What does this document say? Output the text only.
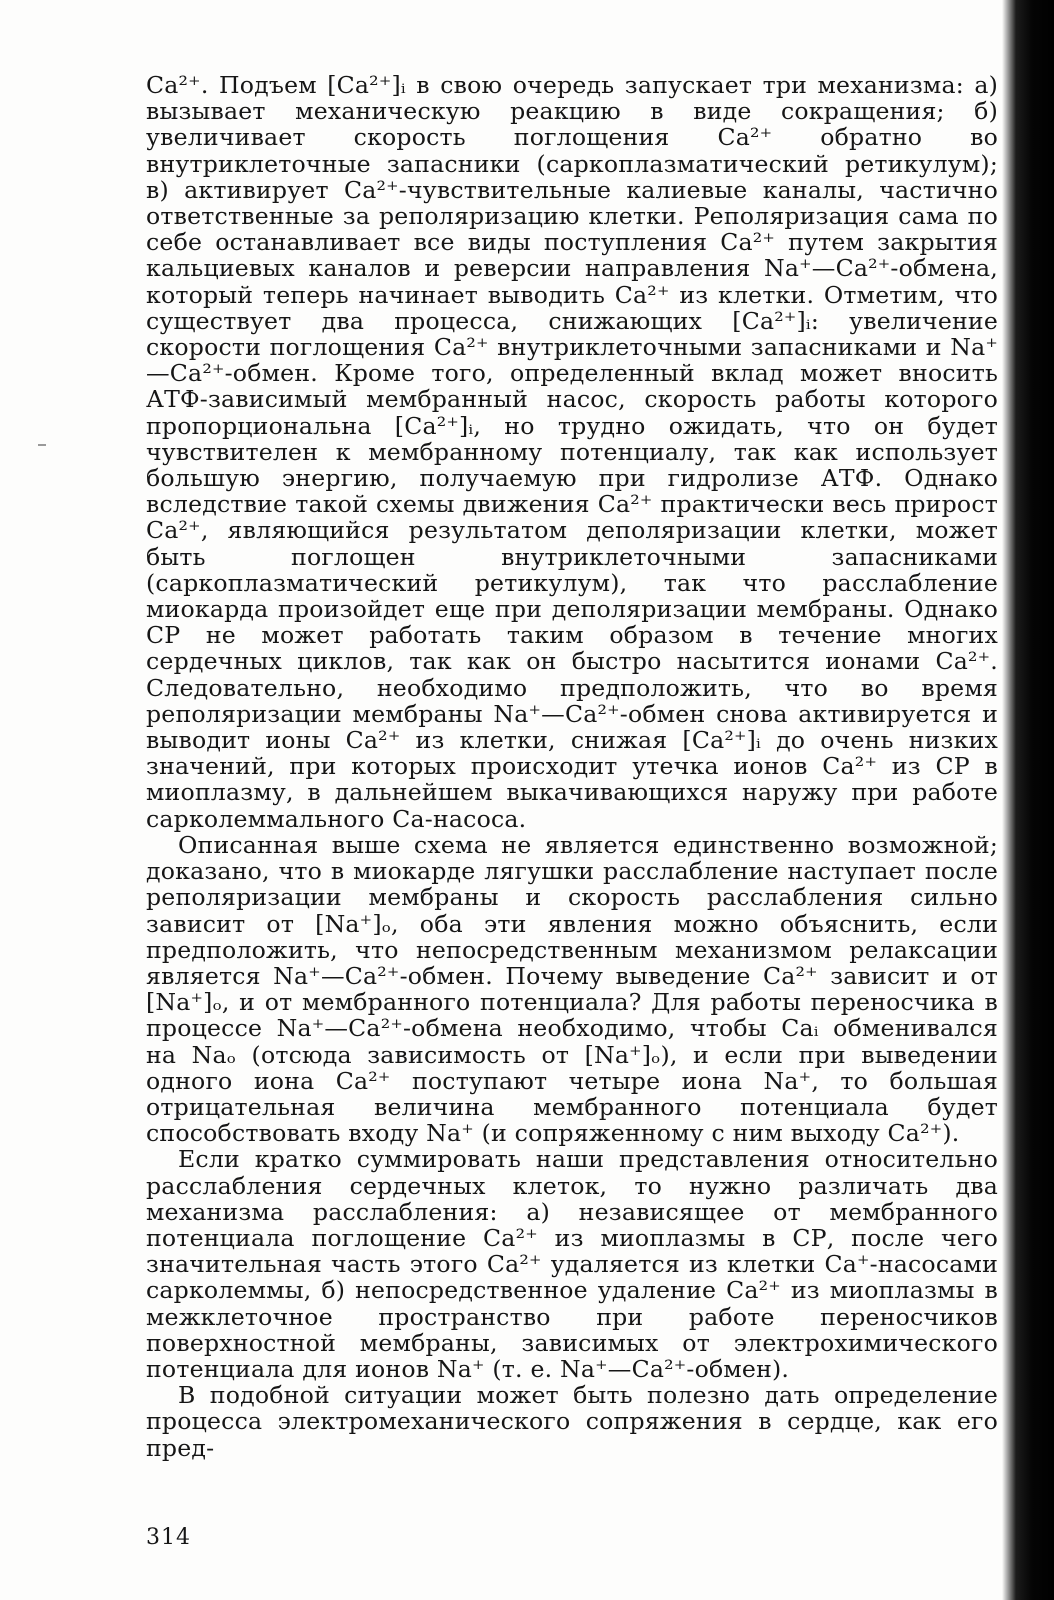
Ca²⁺. Подъем [Ca²⁺]ᵢ в свою очередь запускает три механизма: а) вызывает механическую реакцию в виде сокращения; б) увеличивает скорость поглощения Ca²⁺ обратно во внутриклеточные запасники (саркоплазматический ретикулум); в) активирует Ca²⁺-чувствительные калиевые каналы, частично ответственные за реполяризацию клетки. Реполяризация сама по себе останавливает все виды поступления Ca²⁺ путем закрытия кальциевых каналов и реверсии направления Na⁺—Ca²⁺-обмена, который теперь начинает выводить Ca²⁺ из клетки. Отметим, что существует два процесса, снижающих [Ca²⁺]ᵢ: увеличение скорости поглощения Ca²⁺ внутриклеточными запасниками и Na⁺—Ca²⁺-обмен. Кроме того, определенный вклад может вносить АТФ-зависимый мембранный насос, скорость работы которого пропорциональна [Ca²⁺]ᵢ, но трудно ожидать, что он будет чувствителен к мембранному потенциалу, так как использует большую энергию, получаемую при гидролизе АТФ. Однако вследствие такой схемы движения Ca²⁺ практически весь прирост Ca²⁺, являющийся результатом деполяризации клетки, может быть поглощен внутриклеточными запасниками (саркоплазматический ретикулум), так что расслабление миокарда произойдет еще при деполяризации мембраны. Однако СР не может работать таким образом в течение многих сердечных циклов, так как он быстро насытится ионами Ca²⁺. Следовательно, необходимо предположить, что во время реполяризации мембраны Na⁺—Ca²⁺-обмен снова активируется и выводит ионы Ca²⁺ из клетки, снижая [Ca²⁺]ᵢ до очень низких значений, при которых происходит утечка ионов Ca²⁺ из СР в миоплазму, в дальнейшем выкачивающихся наружу при работе сарколеммального Ca-насоса.

Описанная выше схема не является единственно возможной; доказано, что в миокарде лягушки расслабление наступает после реполяризации мембраны и скорость расслабления сильно зависит от [Na⁺]ₒ, оба эти явления можно объяснить, если предположить, что непосредственным механизмом релаксации является Na⁺—Ca²⁺-обмен. Почему выведение Ca²⁺ зависит и от [Na⁺]ₒ, и от мембранного потенциала? Для работы переносчика в процессе Na⁺—Ca²⁺-обмена необходимо, чтобы Caᵢ обменивался на Naₒ (отсюда зависимость от [Na⁺]ₒ), и если при выведении одного иона Ca²⁺ поступают четыре иона Na⁺, то большая отрицательная величина мембранного потенциала будет способствовать входу Na⁺ (и сопряженному с ним выходу Ca²⁺).

Если кратко суммировать наши представления относительно расслабления сердечных клеток, то нужно различать два механизма расслабления: а) независящее от мембранного потенциала поглощение Ca²⁺ из миоплазмы в СР, после чего значительная часть этого Ca²⁺ удаляется из клетки Ca⁺-насосами сарколеммы, б) непосредственное удаление Ca²⁺ из миоплазмы в межклеточное пространство при работе переносчиков поверхностной мембраны, зависимых от электрохимического потенциала для ионов Na⁺ (т. е. Na⁺—Ca²⁺-обмен).

В подобной ситуации может быть полезно дать определение процесса электромеханического сопряжения в сердце, как его пред-

314
